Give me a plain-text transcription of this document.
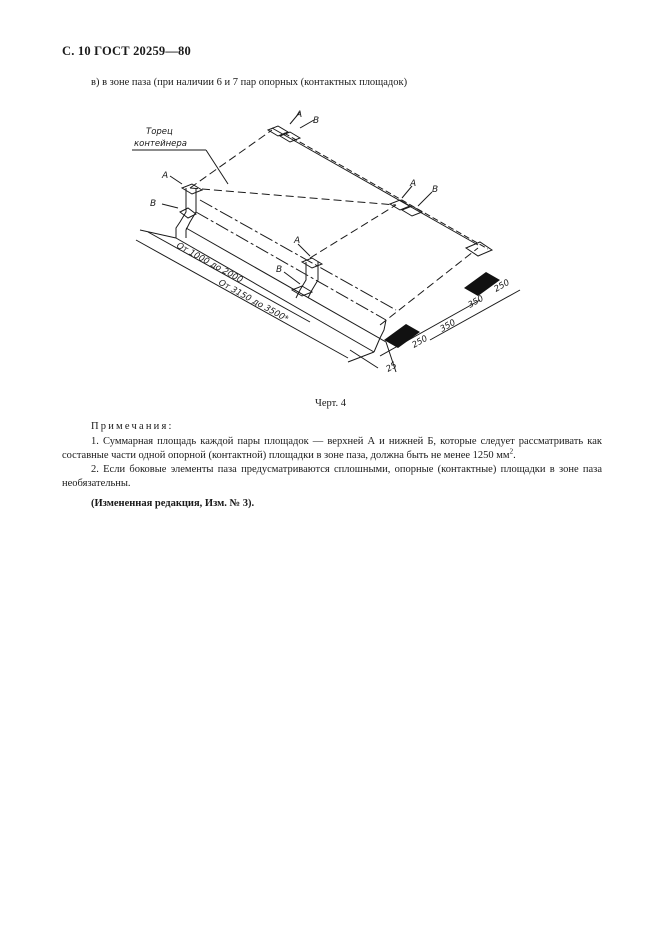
С. 10 ГОСТ 20259—80
в) в зоне паза (при наличии 6 и 7 пар опорных (контактных площадок)
А
В
Торец
контейнера
А
В
А
В
А
В
От 1000 до 2000
От 3150 до 3500*
25
250
350
350
250
Черт. 4
Примечания:
1. Суммарная площадь каждой пары площадок — верхней А и нижней Б, которые следует рассматривать как составные части одной опорной (контактной) площадки в зоне паза, должна быть не менее 1250 $мм^2$.
2. Если боковые элементы паза предусматриваются сплошными, опорные (контактные) площадки в зоне паза необязательны.
(Измененная редакция, Изм. № 3).
